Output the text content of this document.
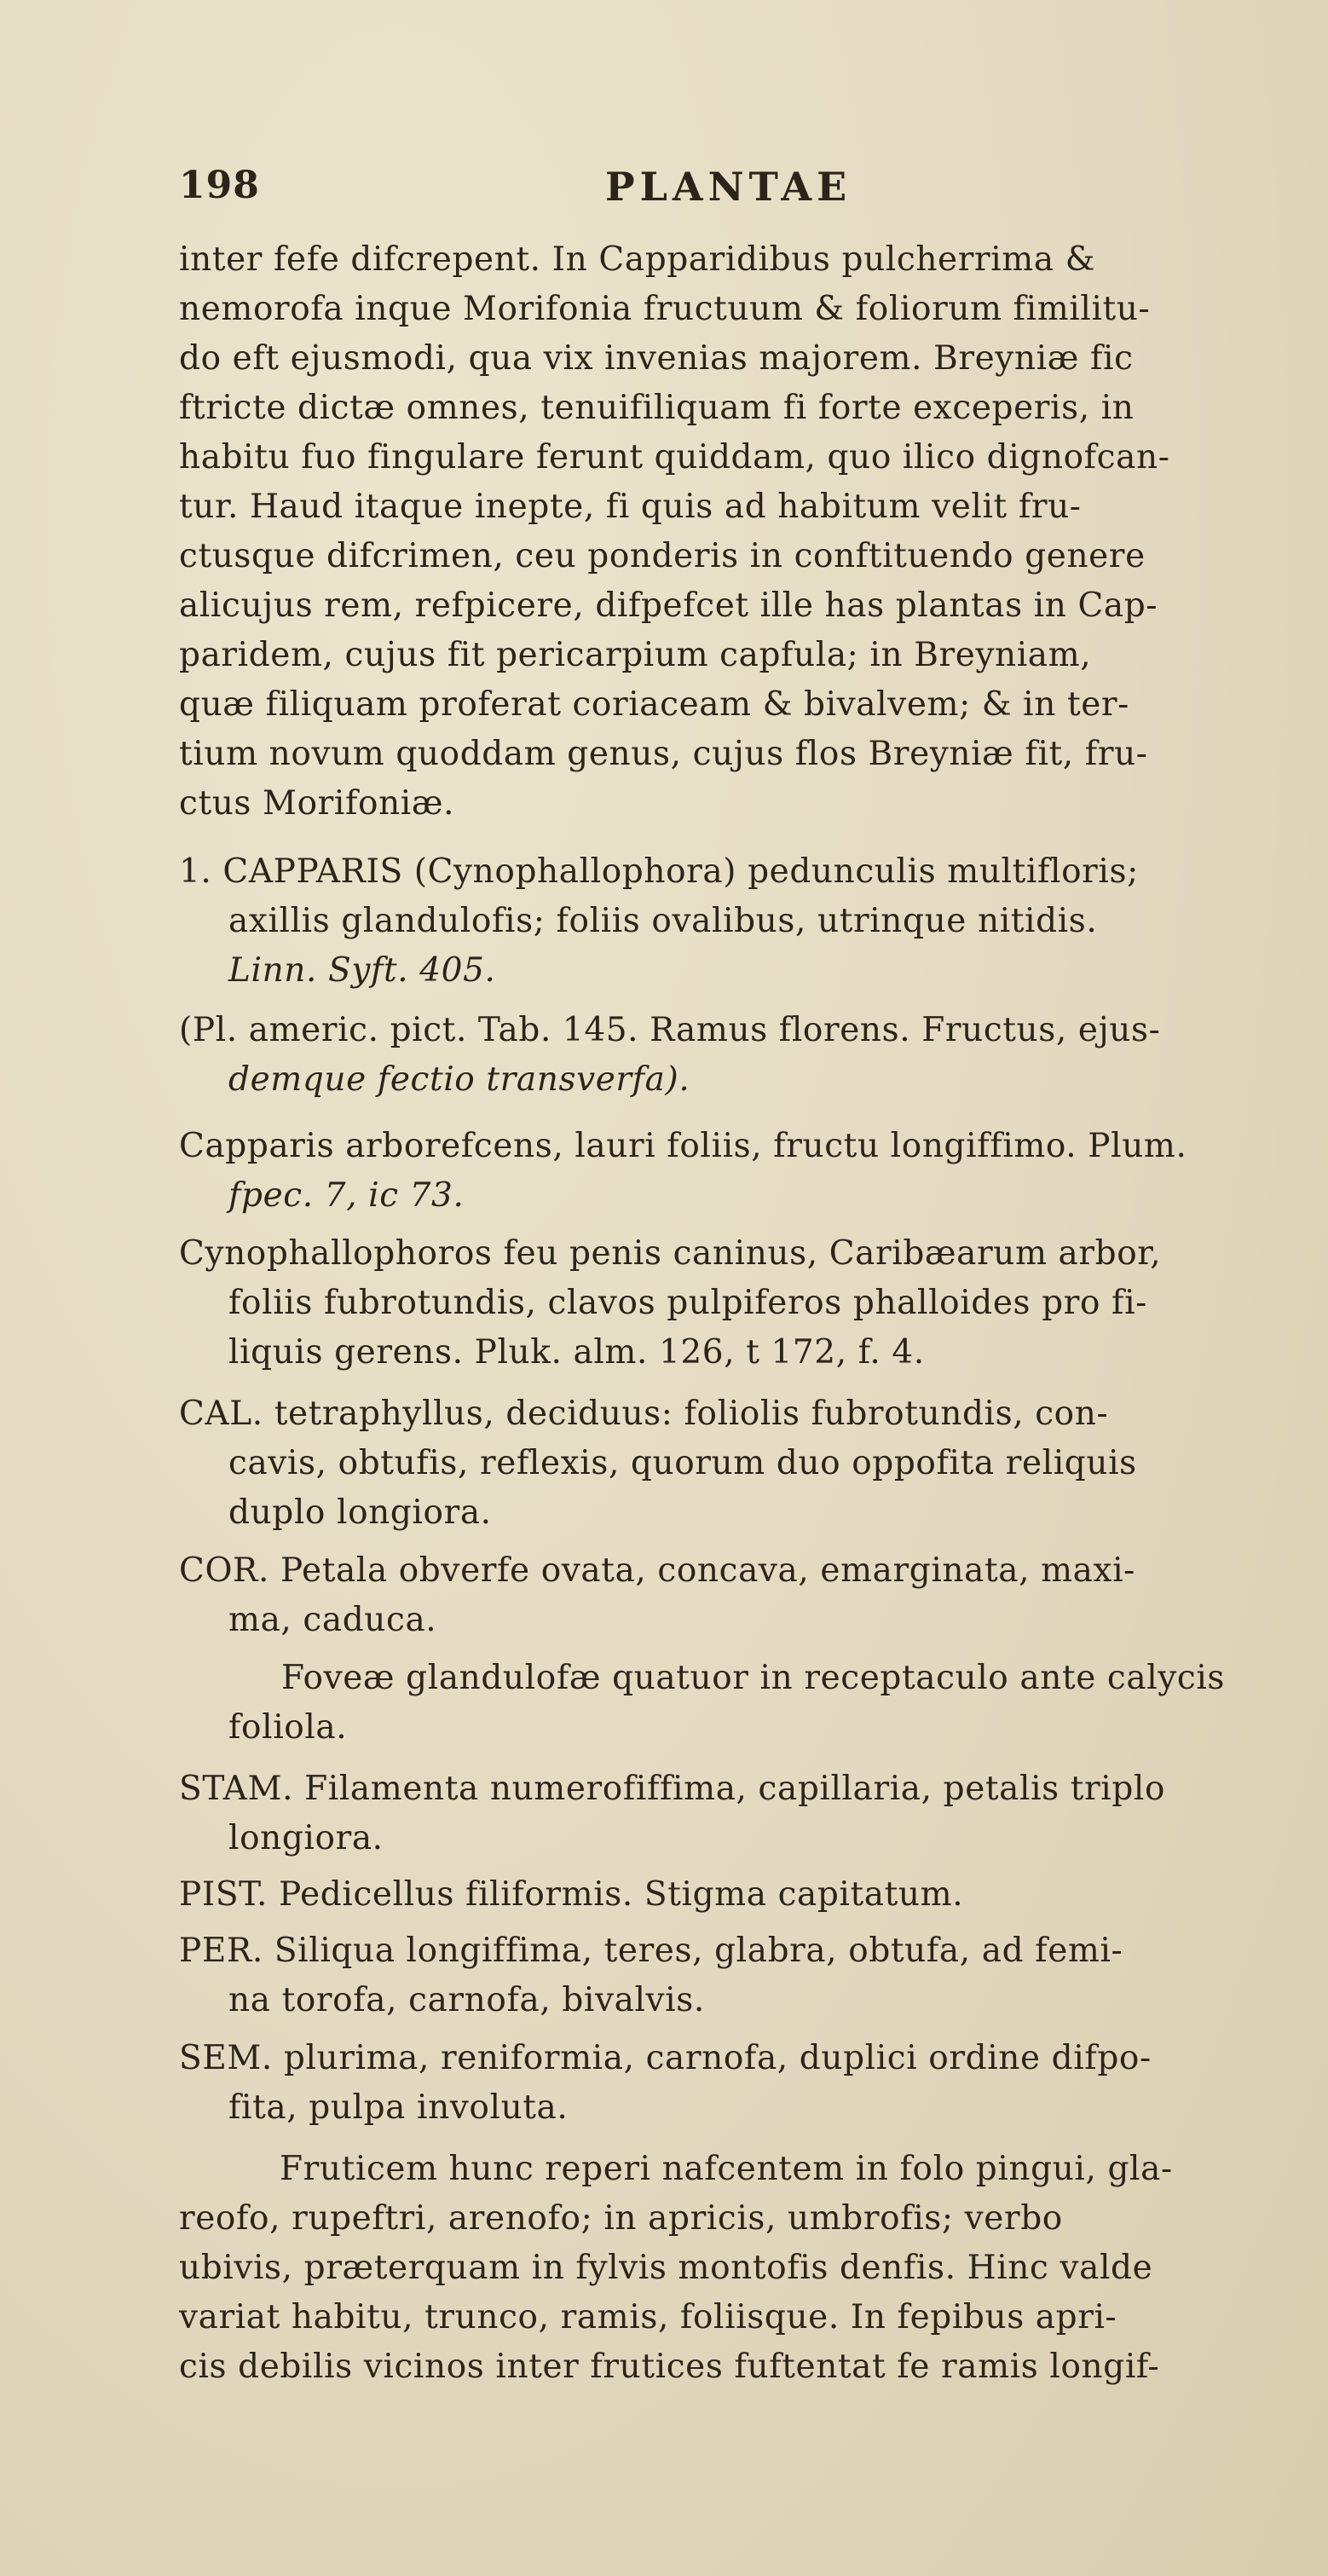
198	PLANTAE
inter fefe difcrepent. In Capparidibus pulcherrima &
nemorofa inque Morifonia fructuum & foliorum fimilitu-
do eft ejusmodi, qua vix invenias majorem. Breyniæ fic
ftricte dictæ omnes, tenuifiliquam fi forte exceperis, in
habitu fuo fingulare ferunt quiddam, quo ilico dignofcan-
tur. Haud itaque inepte, fi quis ad habitum velit fru-
ctusque difcrimen, ceu ponderis in conftituendo genere
alicujus rem, refpicere, difpefcet ille has plantas in Cap-
paridem, cujus fit pericarpium capfula; in Breyniam,
quæ filiquam proferat coriaceam & bivalvem; & in ter-
tium novum quoddam genus, cujus flos Breyniæ fit, fru-
ctus Morifoniæ.
1. CAPPARIS (Cynophallophora) pedunculis multifloris;
axillis glandulofis; foliis ovalibus, utrinque nitidis.
Linn. Syft. 405.
(Pl. americ. pict. Tab. 145. Ramus florens. Fructus, ejus-
demque fectio transverfa).
Capparis arborefcens, lauri foliis, fructu longiffimo. Plum.
fpec. 7, ic 73.
Cynophallophoros feu penis caninus, Caribæarum arbor,
foliis fubrotundis, clavos pulpiferos phalloides pro fi-
liquis gerens. Pluk. alm. 126, t 172, f. 4.
CAL. tetraphyllus, deciduus: foliolis fubrotundis, con-
cavis, obtufis, reflexis, quorum duo oppofita reliquis
duplo longiora.
COR. Petala obverfe ovata, concava, emarginata, maxi-
ma, caduca.
Foveæ glandulofæ quatuor in receptaculo ante calycis
foliola.
STAM. Filamenta numerofiffima, capillaria, petalis triplo
longiora.
PIST. Pedicellus filiformis. Stigma capitatum.
PER. Siliqua longiffima, teres, glabra, obtufa, ad femi-
na torofa, carnofa, bivalvis.
SEM. plurima, reniformia, carnofa, duplici ordine difpo-
fita, pulpa involuta.
Fruticem hunc reperi nafcentem in folo pingui, gla-
reofo, rupeftri, arenofo; in apricis, umbrofis; verbo
ubivis, præterquam in fylvis montofis denfis. Hinc valde
variat habitu, trunco, ramis, foliisque. In fepibus apri-
cis debilis vicinos inter frutices fuftentat fe ramis longif-
